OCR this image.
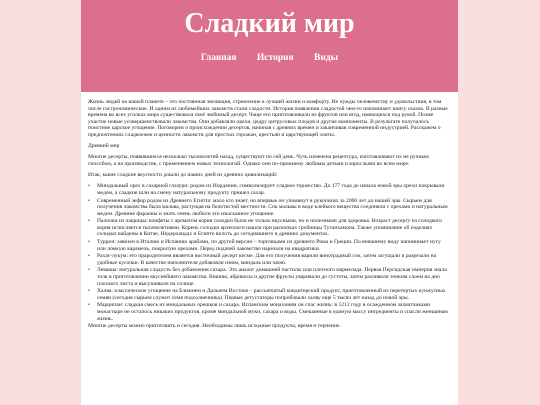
Сладкий мир
Главная История Виды

Жизнь людей на нашей планете – это постоянная эволюция, стремление к лучшей жизни и комфорту. Не чужды человечеству и удовольствия, в том числе гастрономические. И одним из любимейших лакомств стали сладости. История появления сладостей чем-то напоминает книгу сказок. В разные времена во всех уголках мира существовала своё любимый десерт. Чаще его приготавливали из фруктов или ягод, имеющихся под рукой. Позже участие новые усовершенствовали лакомства. Они добавляли орехи, цедру цитрусовых плодов и другие компоненты. В результате получалось поистине царское угощение. Поговорим о происхождении десертов, начиная с древних времен и заканчивая современной индустрией. Расскажем о предпочтениях сладкоежек и ценности лакомств для простых горожан, крестьян и царствующей элиты.

Древний мир

Многие десерты, появившиеся несколько тысячелетий назад, существуют по сей день. Чуть изменена рецептура, изготавливают их не ручным способом, а на производстве, с применением новых технологий. Однако они по-прежнему любимы детьми и взрослыми во всем мире.

Итак, какие сладкие вкусности дошли до наших дней из древних цивилизаций:

• Миндальный орех в сахарной глазури: родом из Иордании, символизирует сладкое торжество. До 177 года до начала новой эры орехи покрывали медом, а сладкие шли на смену натуральному продукту пришел сахар.
• Современный зефир родом из Древнего Египта: мало кто знает, но впервые он упомянут в рукописях за 2000 лет до нашей эры. Сырьем для получения лакомства была мальва, растущая на болотистой местности. Сок мальвы в виде клейкого вещества соединяли с орехами и натуральным медом. Древние фараоны и знать очень любили это изысканное угощение.
• Палочки из лакрицы: конфеты с ароматом корня солодки были не только вкусными, но и полезными для здоровья. Возраст десерту из солодкого корня исчисляется тысячелетиями. Корень солодки археологи нашли при раскопках гробницы Тутанхамона. Также упоминание об изделиях солодки найдены в Китае, Нидерландах и Египте вплоть до сегодняшнего в древних документах.
• Туррон: завезен в Италию и Испанию арабами, по другой версии – торговцами из древнего Рима и Греции. По внешнему виду напоминает нугу или ломкую карамель, покрытую орехами. Перед подачей лакомство нарезали на квадратики.
• Рахат-лукум: его прародителем является восточный десерт кесме. Для его получения варили виноградный сок, затем загущали и разрезали на удобные кусочки. В качестве наполнителя добавляли изюм, миндаль или хвою.
• Левашы: натуральная сладость без добавления сахара. Это аналог домашней пастилы или плотного мармелада. Первая Персидская империя знала толк в приготовлении вкуснейшего лакомства. Вишню, абрикосы и другие фрукты уваривали до густоты, затем разливали тонким слоем на дно плоского листа и высушивали на солнце.
• Халва: классические угощение на Ближнем и Дальнем Востоке – рассыпчатый кондитерский продукт, приготовленный из перетертых кунжутных семян (сегодня сырьем служит семя подсолнечника). Первые дегустаторы попробовали халву еще 5 тысяч лет назад до новой эры.
• Марципан: сладкая смесь из миндальных орешков и сахара. Испанским монахиням он спас жизнь: в 1212 году в осажденном захватчиками монастыре не осталось никаких продуктов, кроме миндальной муки, сахара и воды. Смешанные в единую массу ингредиенты и спасли женщинам жизнь.

Многие десерты можно приготовить и сегодня. Необходимы лишь исходные продукты, время и терпение.
